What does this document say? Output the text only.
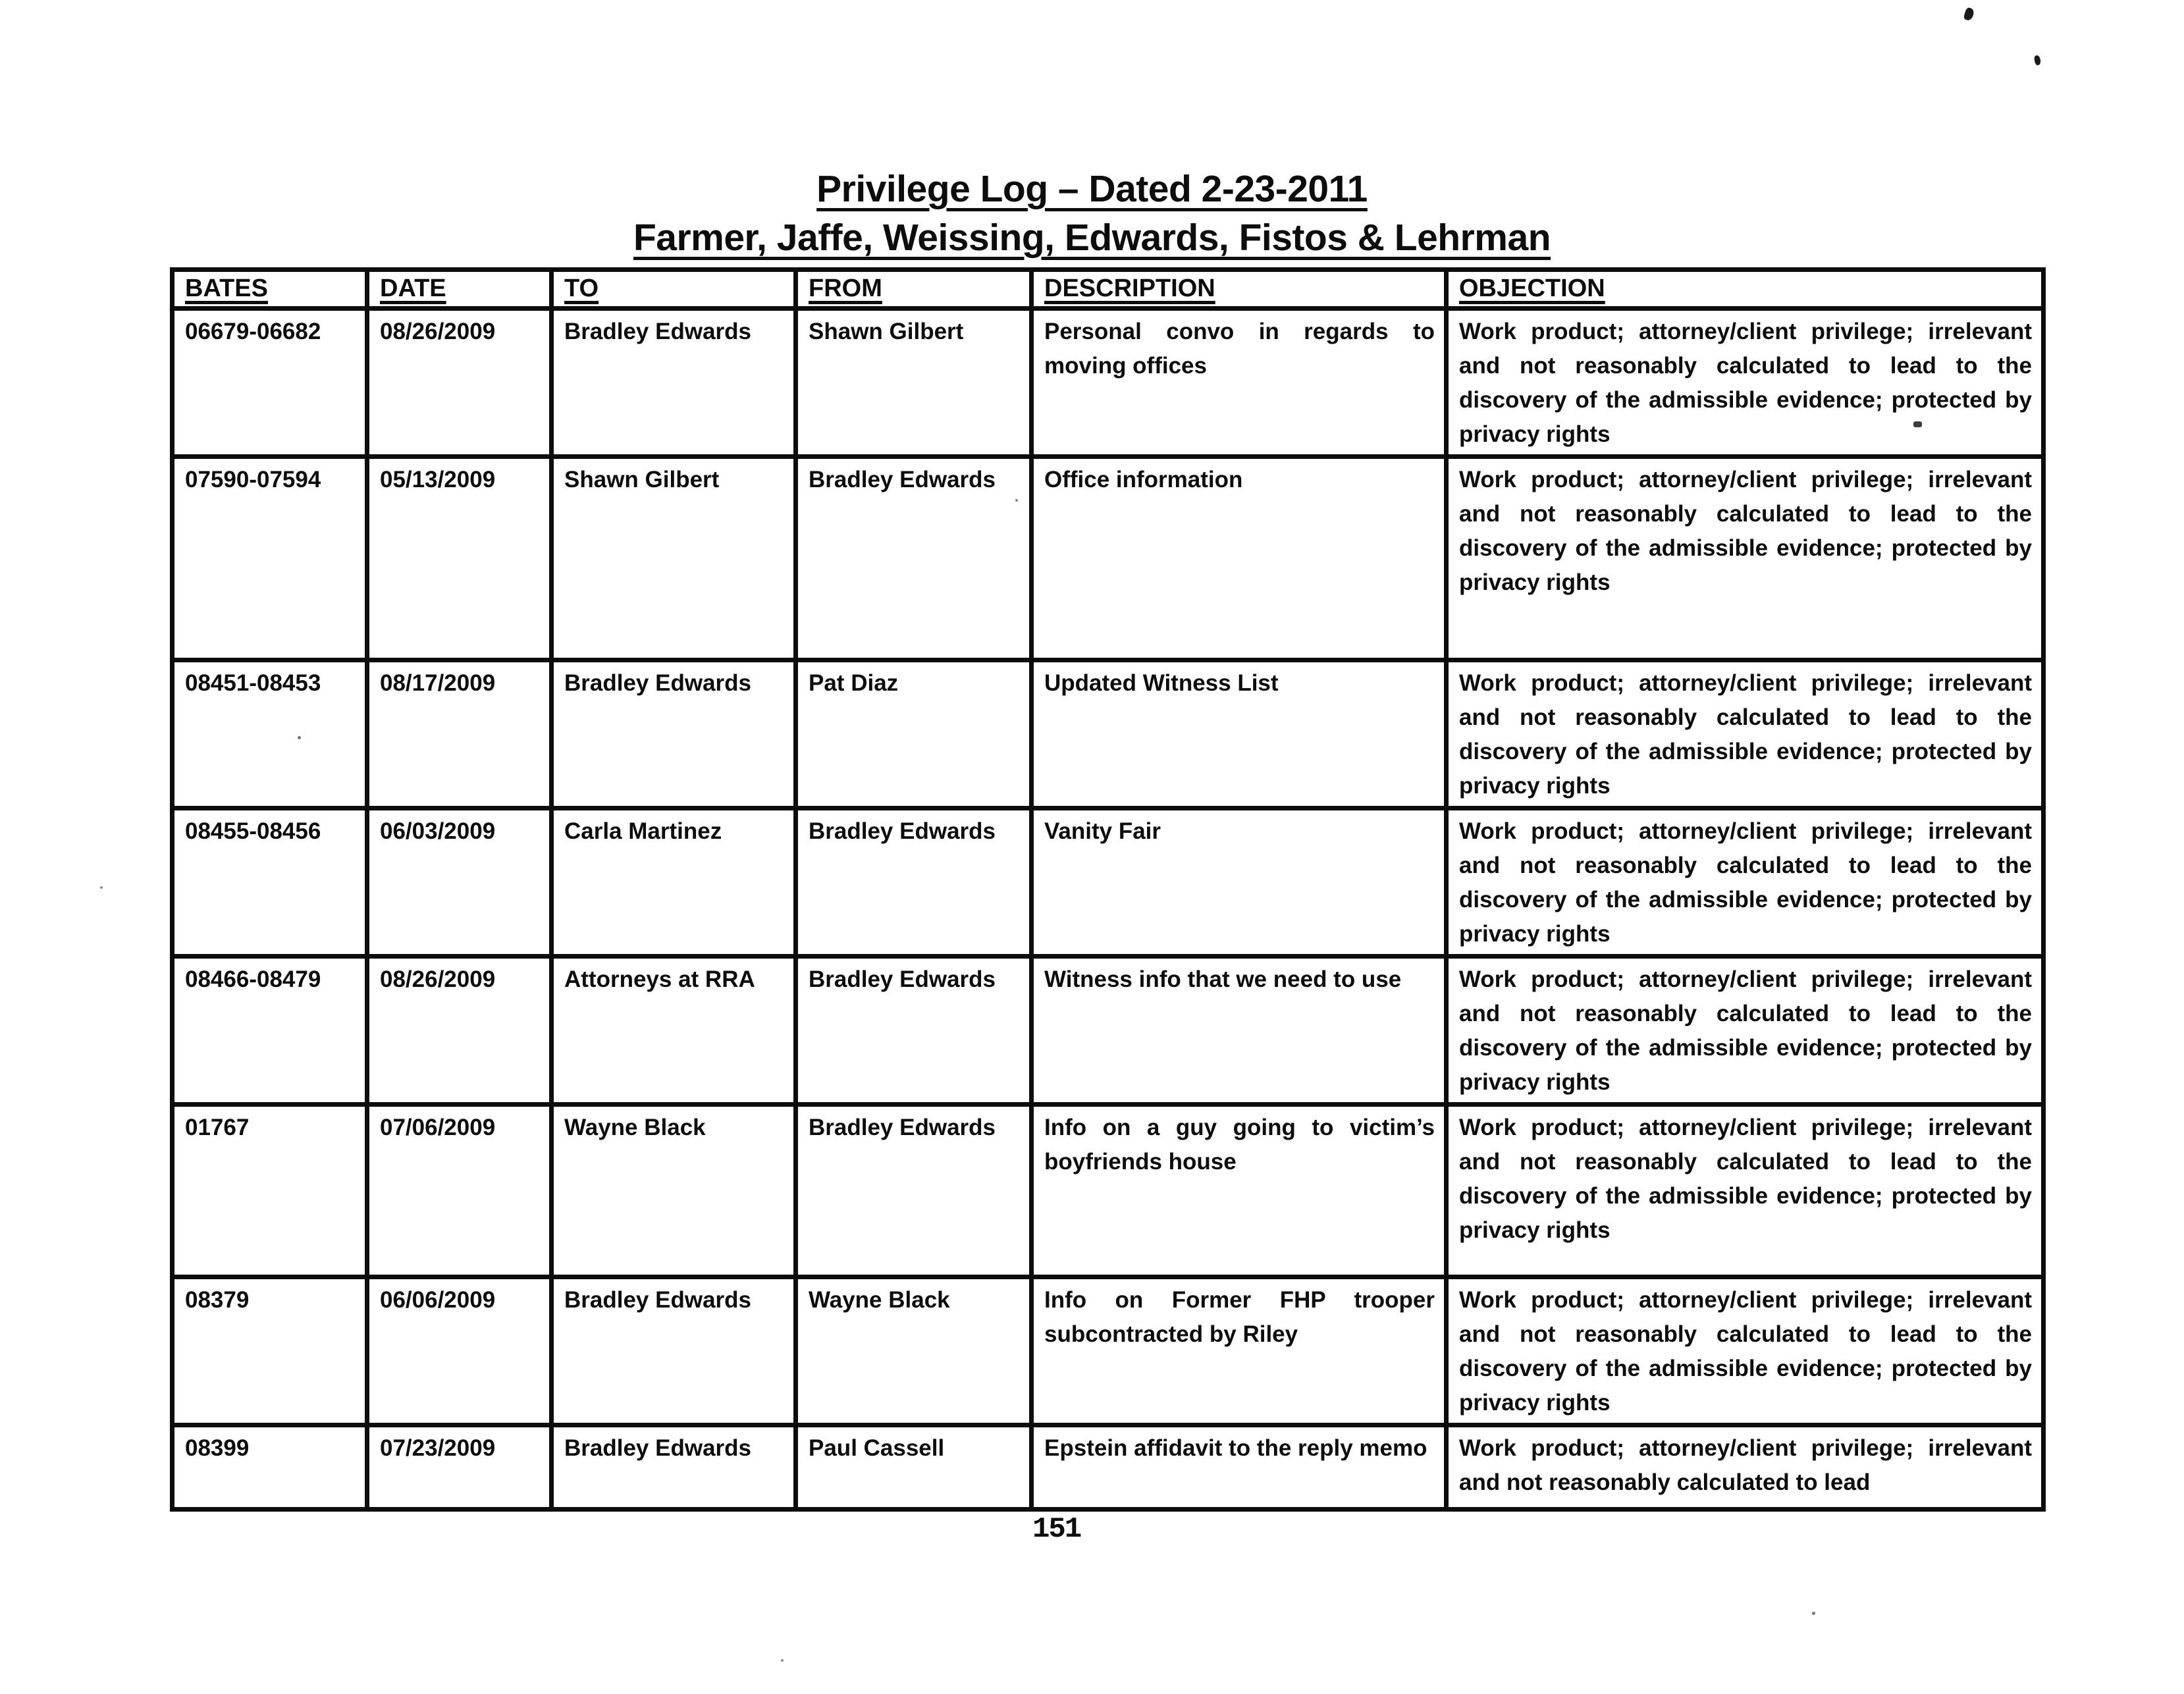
Privilege Log – Dated 2-23-2011
Farmer, Jaffe, Weissing, Edwards, Fistos & Lehrman
BATES	DATE	TO	FROM	DESCRIPTION	OBJECTION
06679-06682	08/26/2009	Bradley Edwards	Shawn Gilbert	Personal convo in regards to moving offices	Work product; attorney/client privilege; irrelevant and not reasonably calculated to lead to the discovery of the admissible evidence; protected by privacy rights
07590-07594	05/13/2009	Shawn Gilbert	Bradley Edwards	Office information	Work product; attorney/client privilege; irrelevant and not reasonably calculated to lead to the discovery of the admissible evidence; protected by privacy rights
08451-08453	08/17/2009	Bradley Edwards	Pat Diaz	Updated Witness List	Work product; attorney/client privilege; irrelevant and not reasonably calculated to lead to the discovery of the admissible evidence; protected by privacy rights
08455-08456	06/03/2009	Carla Martinez	Bradley Edwards	Vanity Fair	Work product; attorney/client privilege; irrelevant and not reasonably calculated to lead to the discovery of the admissible evidence; protected by privacy rights
08466-08479	08/26/2009	Attorneys at RRA	Bradley Edwards	Witness info that we need to use	Work product; attorney/client privilege; irrelevant and not reasonably calculated to lead to the discovery of the admissible evidence; protected by privacy rights
01767	07/06/2009	Wayne Black	Bradley Edwards	Info on a guy going to victim’s boyfriends house	Work product; attorney/client privilege; irrelevant and not reasonably calculated to lead to the discovery of the admissible evidence; protected by privacy rights
08379	06/06/2009	Bradley Edwards	Wayne Black	Info on Former FHP trooper subcontracted by Riley	Work product; attorney/client privilege; irrelevant and not reasonably calculated to lead to the discovery of the admissible evidence; protected by privacy rights
08399	07/23/2009	Bradley Edwards	Paul Cassell	Epstein affidavit to the reply memo	Work product; attorney/client privilege; irrelevant and not reasonably calculated to lead
151
